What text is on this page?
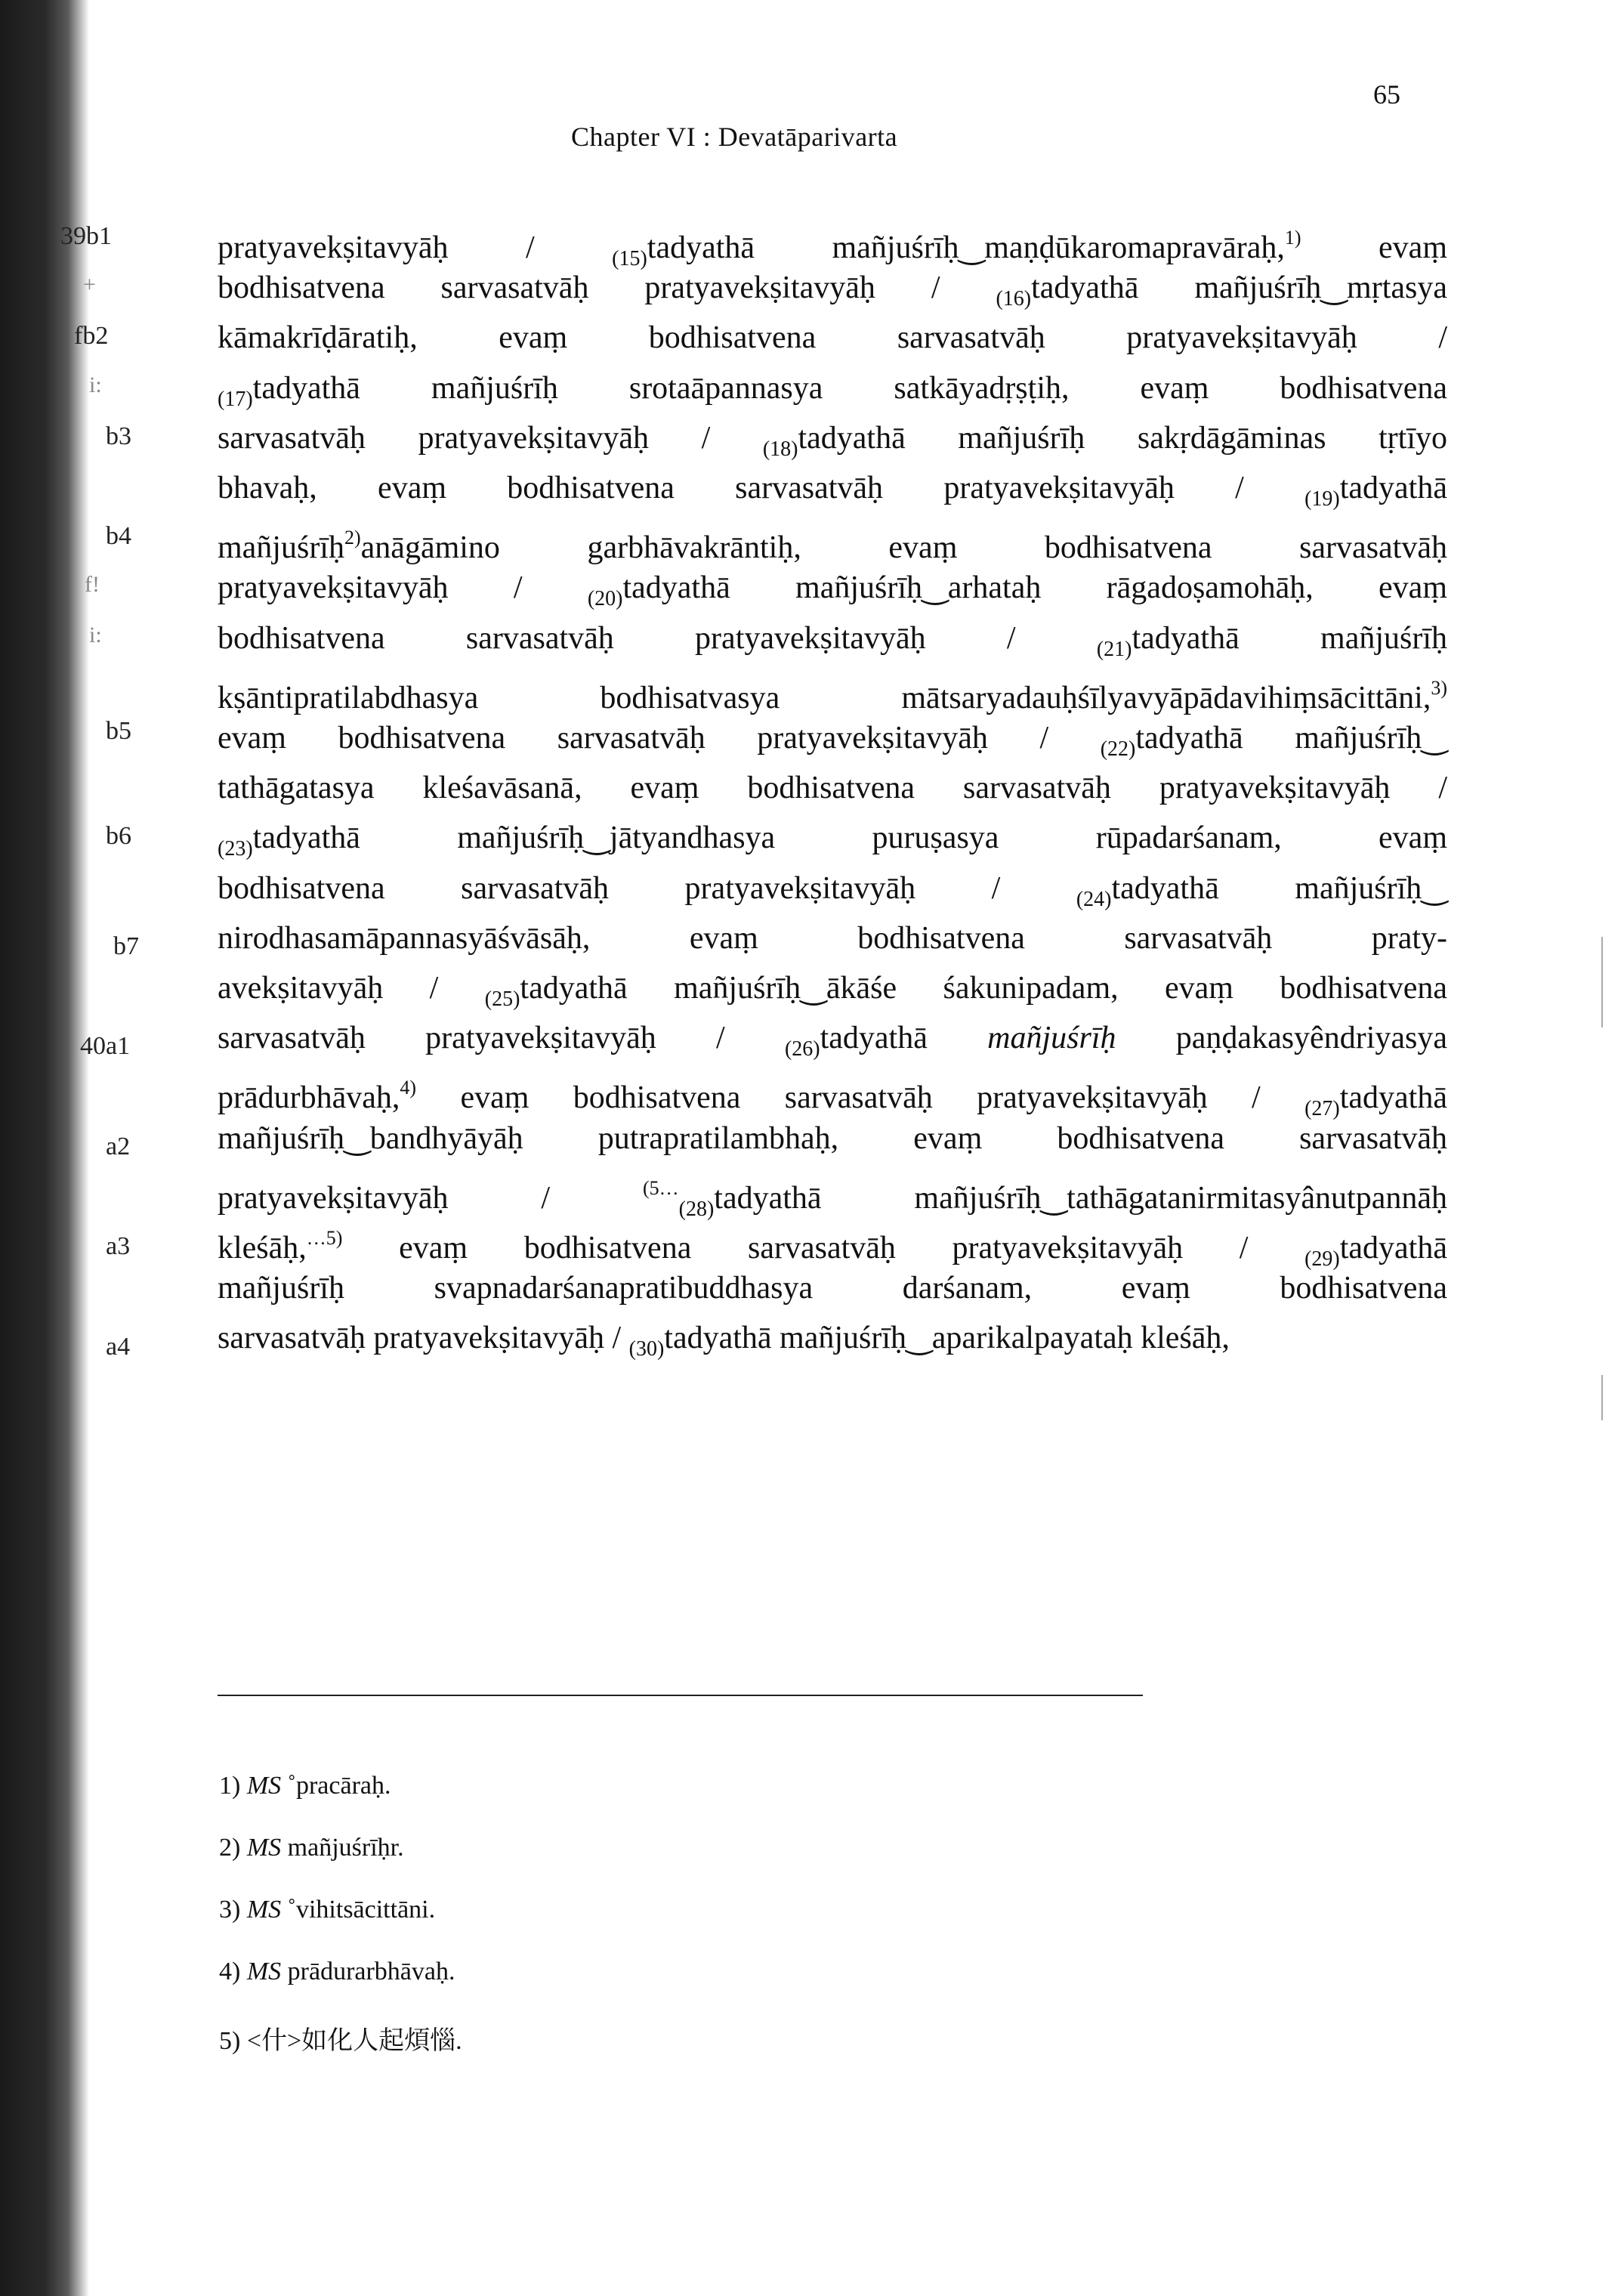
65
Chapter VI : Devatāparivarta
39b1
+
fb2
i:
b3
b4
f!
i:
b5
b6
b7
40a1
a2
a3
a4
pratyavekṣitavyāḥ / $_{(15)}$tadyathā mañjuśrīḥ‿maṇḍūkaromapravāraḥ,$^{1)}$ evaṃ
bodhisatvena sarvasatvāḥ pratyavekṣitavyāḥ / $_{(16)}$tadyathā mañjuśrīḥ‿mṛtasya
kāmakrīḍāratiḥ, evaṃ bodhisatvena sarvasatvāḥ pratyavekṣitavyāḥ /
$_{(17)}$tadyathā mañjuśrīḥ srotaāpannasya satkāyadṛṣṭiḥ, evaṃ bodhisatvena
sarvasatvāḥ pratyavekṣitavyāḥ / $_{(18)}$tadyathā mañjuśrīḥ sakṛdāgāminas tṛtīyo
bhavaḥ, evaṃ bodhisatvena sarvasatvāḥ pratyavekṣitavyāḥ / $_{(19)}$tadyathā
mañjuśrīḥ$^{2)}$anāgāmino garbhāvakrāntiḥ, evaṃ bodhisatvena sarvasatvāḥ
pratyavekṣitavyāḥ / $_{(20)}$tadyathā mañjuśrīḥ‿arhataḥ rāgadoṣamohāḥ, evaṃ
bodhisatvena sarvasatvāḥ pratyavekṣitavyāḥ / $_{(21)}$tadyathā mañjuśrīḥ
kṣāntipratilabdhasya bodhisatvasya mātsaryadauḥśīlyavyāpādavihiṃsācittāni,$^{3)}$
evaṃ bodhisatvena sarvasatvāḥ pratyavekṣitavyāḥ / $_{(22)}$tadyathā mañjuśrīḥ‿
tathāgatasya kleśavāsanā, evaṃ bodhisatvena sarvasatvāḥ pratyavekṣitavyāḥ /
$_{(23)}$tadyathā mañjuśrīḥ‿jātyandhasya puruṣasya rūpadarśanam, evaṃ
bodhisatvena sarvasatvāḥ pratyavekṣitavyāḥ / $_{(24)}$tadyathā mañjuśrīḥ‿
nirodhasamāpannasyāśvāsāḥ, evaṃ bodhisatvena sarvasatvāḥ praty-
avekṣitavyāḥ / $_{(25)}$tadyathā mañjuśrīḥ‿ākāśe śakunipadam, evaṃ bodhisatvena
sarvasatvāḥ pratyavekṣitavyāḥ / $_{(26)}$tadyathā mañjuśrīḥ paṇḍakasyêndriyasya
prādurbhāvaḥ,$^{4)}$ evaṃ bodhisatvena sarvasatvāḥ pratyavekṣitavyāḥ / $_{(27)}$tadyathā
mañjuśrīḥ‿bandhyāyāḥ putrapratilambhaḥ, evaṃ bodhisatvena sarvasatvāḥ
pratyavekṣitavyāḥ / $^{(5\dots}_{(28)}$tadyathā mañjuśrīḥ‿tathāgatanirmitasyânutpannāḥ
kleśāḥ,$^{\dots 5)}$ evaṃ bodhisatvena sarvasatvāḥ pratyavekṣitavyāḥ / $_{(29)}$tadyathā
mañjuśrīḥ svapnadarśanapratibuddhasya darśanam, evaṃ bodhisatvena
sarvasatvāḥ pratyavekṣitavyāḥ / $_{(30)}$tadyathā mañjuśrīḥ‿aparikalpayataḥ kleśāḥ,
1) MS ˚pracāraḥ.
2) MS mañjuśrīḥr.
3) MS ˚vihitsācittāni.
4) MS prādurarbhāvaḥ.
5) <什>如化人起煩惱.
